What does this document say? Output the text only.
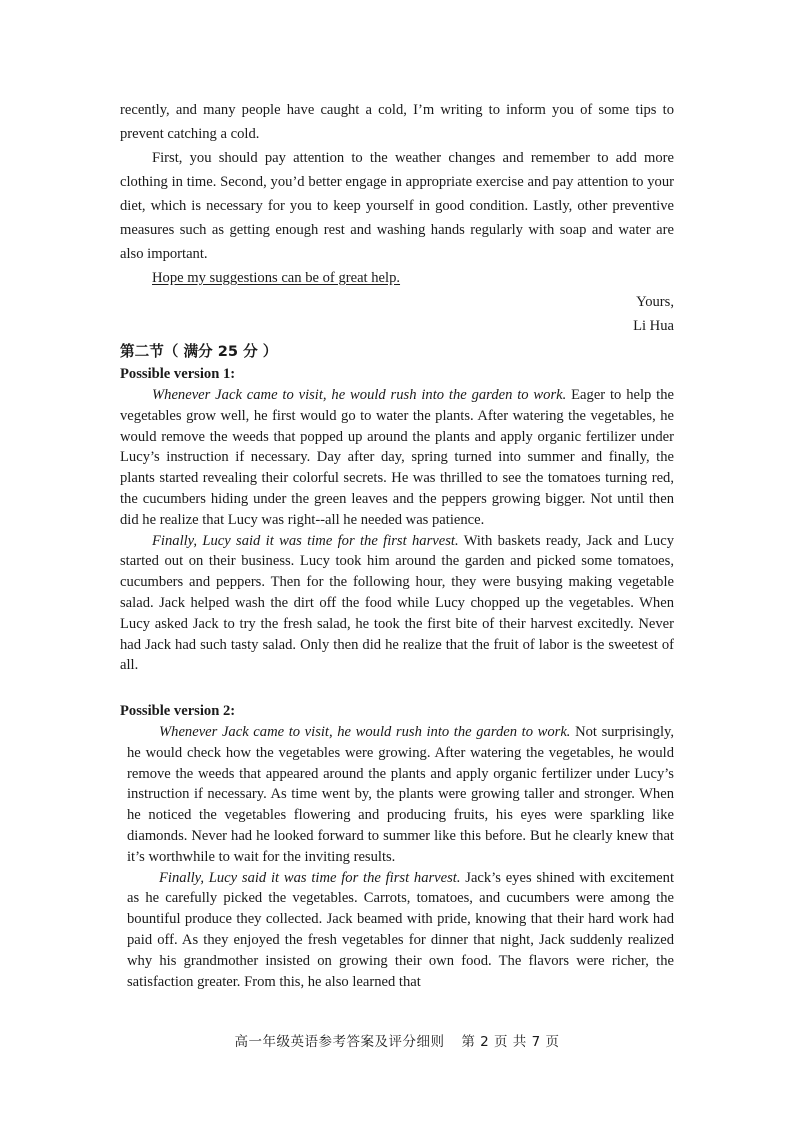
recently, and many people have caught a cold, I’m writing to inform you of some tips to prevent catching a cold.

First, you should pay attention to the weather changes and remember to add more clothing in time. Second, you’d better engage in appropriate exercise and pay attention to your diet, which is necessary for you to keep yourself in good condition. Lastly, other preventive measures such as getting enough rest and washing hands regularly with soap and water are also important.

Hope my suggestions can be of great help.

Yours,

Li Hua

第二节（ 满分 25 分 ）
Possible version 1:

Whenever Jack came to visit, he would rush into the garden to work. Eager to help the vegetables grow well, he first would go to water the plants. After watering the vegetables, he would remove the weeds that popped up around the plants and apply organic fertilizer under Lucy’s instruction if necessary. Day after day, spring turned into summer and finally, the plants started revealing their colorful secrets. He was thrilled to see the tomatoes turning red, the cucumbers hiding under the green leaves and the peppers growing bigger. Not until then did he realize that Lucy was right--all he needed was patience.

Finally, Lucy said it was time for the first harvest. With baskets ready, Jack and Lucy started out on their business. Lucy took him around the garden and picked some tomatoes, cucumbers and peppers. Then for the following hour, they were busying making vegetable salad. Jack helped wash the dirt off the food while Lucy chopped up the vegetables. When Lucy asked Jack to try the fresh salad, he took the first bite of their harvest excitedly. Never had Jack had such tasty salad. Only then did he realize that the fruit of labor is the sweetest of all.

Possible version 2:

Whenever Jack came to visit, he would rush into the garden to work. Not surprisingly, he would check how the vegetables were growing. After watering the vegetables, he would remove the weeds that appeared around the plants and apply organic fertilizer under Lucy’s instruction if necessary. As time went by, the plants were growing taller and stronger. When he noticed the vegetables flowering and producing fruits, his eyes were sparkling like diamonds. Never had he looked forward to summer like this before. But he clearly knew that it’s worthwhile to wait for the inviting results.

Finally, Lucy said it was time for the first harvest. Jack’s eyes shined with excitement as he carefully picked the vegetables. Carrots, tomatoes, and cucumbers were among the bountiful produce they collected. Jack beamed with pride, knowing that their hard work had paid off. As they enjoyed the fresh vegetables for dinner that night, Jack suddenly realized why his grandmother insisted on growing their own food. The flavors were richer, the satisfaction greater. From this, he also learned that

高一年级英语参考答案及评分细则 第 2 页 共 7 页
